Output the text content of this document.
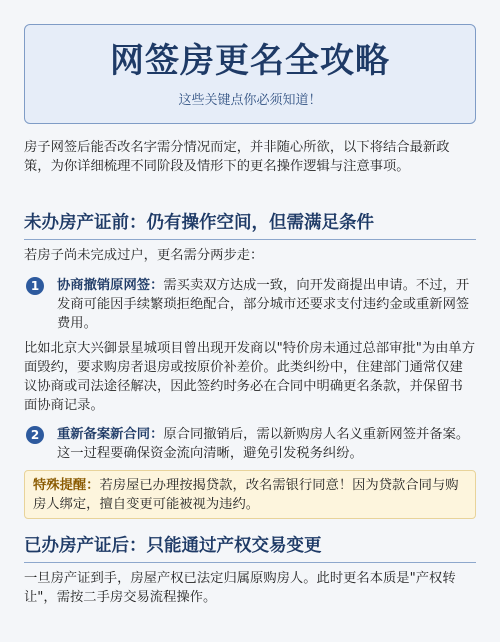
网签房更名全攻略
这些关键点你必须知道！
房子网签后能否改名字需分情况而定，并非随心所欲，以下将结合最新政策，为你详细梳理不同阶段及情形下的更名操作逻辑与注意事项。
未办房产证前：仍有操作空间，但需满足条件
若房子尚未完成过户，更名需分两步走：
1	协商撤销原网签：需买卖双方达成一致，向开发商提出申请。不过，开发商可能因手续繁琐拒绝配合，部分城市还要求支付违约金或重新网签费用。
比如北京大兴御景星城项目曾出现开发商以"特价房未通过总部审批"为由单方面毁约，要求购房者退房或按原价补差价。此类纠纷中，住建部门通常仅建议协商或司法途径解决，因此签约时务必在合同中明确更名条款，并保留书面协商记录。
2	重新备案新合同：原合同撤销后，需以新购房人名义重新网签并备案。这一过程要确保资金流向清晰，避免引发税务纠纷。
特殊提醒：若房屋已办理按揭贷款，改名需银行同意！因为贷款合同与购房人绑定，擅自变更可能被视为违约。
已办房产证后：只能通过产权交易变更
一旦房产证到手，房屋产权已法定归属原购房人。此时更名本质是"产权转让"，需按二手房交易流程操作。
